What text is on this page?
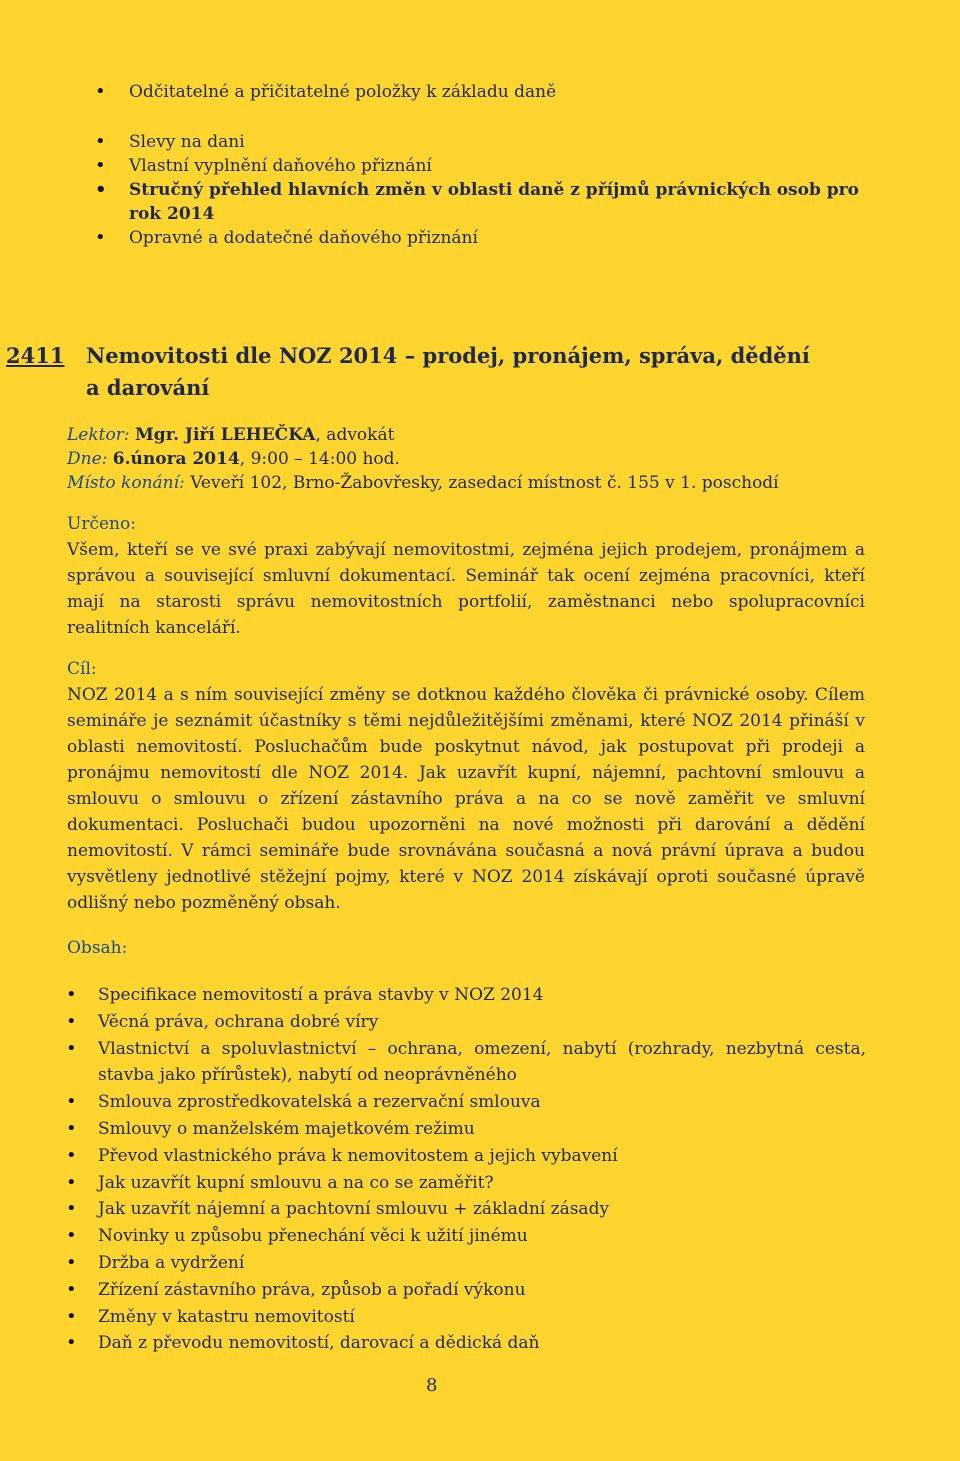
• Odčitatelné a přičitatelné položky k základu daně
• Slevy na dani
• Vlastní vyplnění daňového přiznání
• Stručný přehled hlavních změn v oblasti daně z příjmů právnických osob pro rok 2014
• Opravné a dodatečné daňového přiznání
2411 Nemovitosti dle NOZ 2014 – prodej, pronájem, správa, dědění
a darování
Lektor: Mgr. Jiří LEHEČKA, advokát
Dne: 6.února 2014, 9:00 – 14:00 hod.
Místo konání: Veveří 102, Brno-Žabovřesky, zasedací místnost č. 155 v 1. poschodí
Určeno:
Všem, kteří se ve své praxi zabývají nemovitostmi, zejména jejich prodejem, pronájmem a správou a související smluvní dokumentací. Seminář tak ocení zejména pracovníci, kteří mají na starosti správu nemovitostních portfolií, zaměstnanci nebo spolupracovníci realitních kanceláří.
Cíl:
NOZ 2014 a s ním související změny se dotknou každého člověka či právnické osoby. Cílem semináře je seznámit účastníky s těmi nejdůležitějšími změnami, které NOZ 2014 přináší v oblasti nemovitostí. Posluchačům bude poskytnut návod, jak postupovat při prodeji a pronájmu nemovitostí dle NOZ 2014. Jak uzavřít kupní, nájemní, pachtovní smlouvu a smlouvu o smlouvu o zřízení zástavního práva a na co se nově zaměřit ve smluvní dokumentaci. Posluchači budou upozorněni na nové možnosti při darování a dědění nemovitostí. V rámci semináře bude srovnávána současná a nová právní úprava a budou vysvětleny jednotlivé stěžejní pojmy, které v NOZ 2014 získávají oproti současné úpravě odlišný nebo pozměněný obsah.
Obsah:
• Specifikace nemovitostí a práva stavby v NOZ 2014
• Věcná práva, ochrana dobré víry
• Vlastnictví a spoluvlastnictví – ochrana, omezení, nabytí (rozhrady, nezbytná cesta, stavba jako přírůstek), nabytí od neoprávněného
• Smlouva zprostředkovatelská a rezervační smlouva
• Smlouvy o manželském majetkovém režimu
• Převod vlastnického práva k nemovitostem a jejich vybavení
• Jak uzavřít kupní smlouvu a na co se zaměřit?
• Jak uzavřít nájemní a pachtovní smlouvu + základní zásady
• Novinky u způsobu přenechání věci k užití jinému
• Držba a vydržení
• Zřízení zástavního práva, způsob a pořadí výkonu
• Změny v katastru nemovitostí
• Daň z převodu nemovitostí, darovací a dědická daň
8
